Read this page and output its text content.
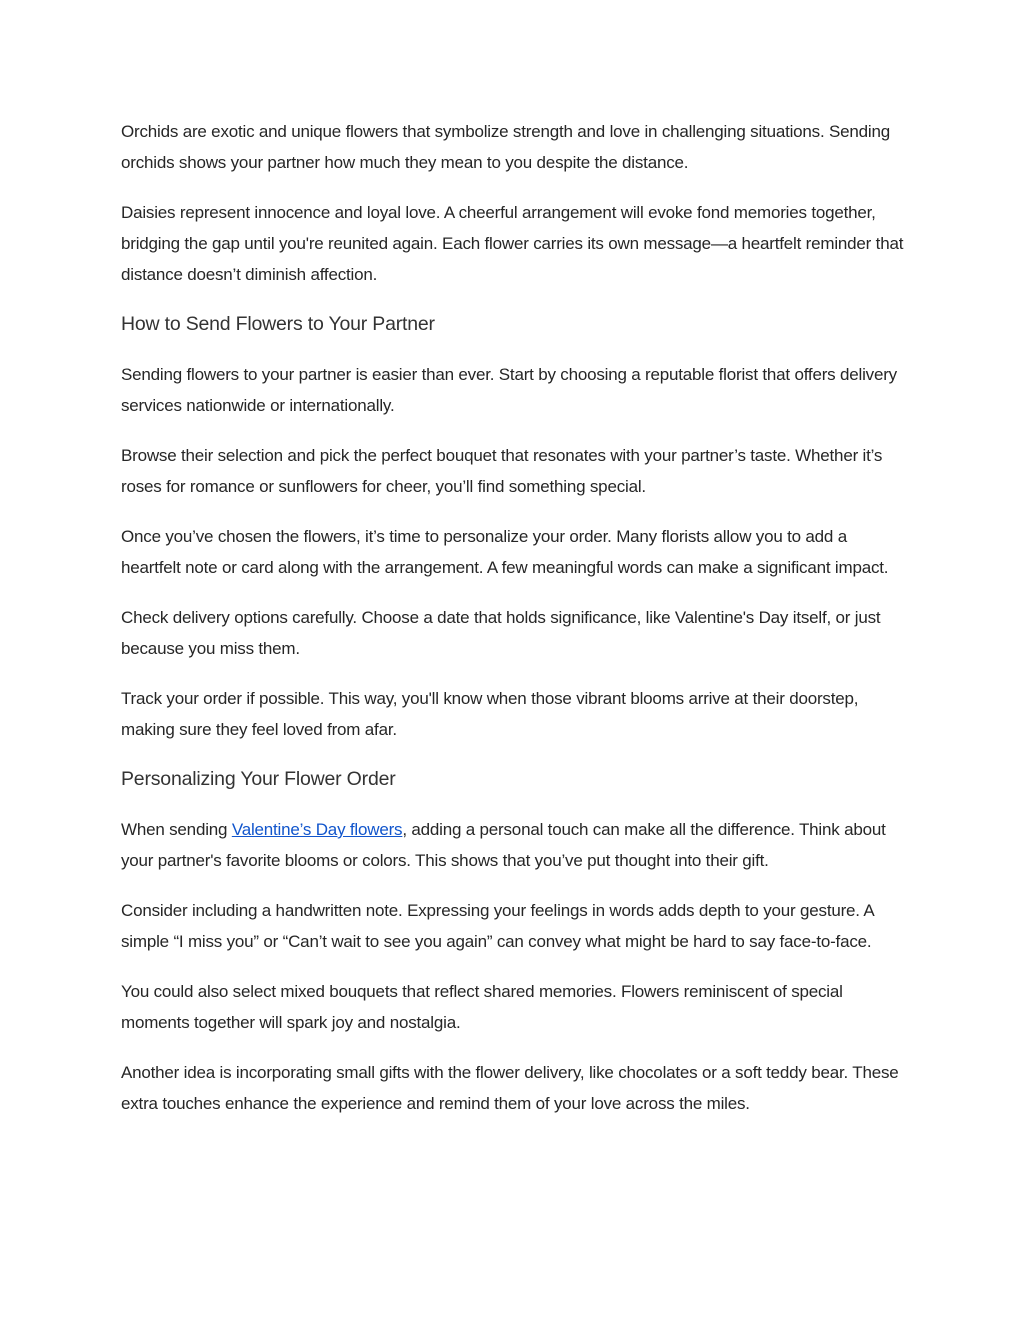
Orchids are exotic and unique flowers that symbolize strength and love in challenging situations. Sending orchids shows your partner how much they mean to you despite the distance.

Daisies represent innocence and loyal love. A cheerful arrangement will evoke fond memories together, bridging the gap until you're reunited again. Each flower carries its own message—a heartfelt reminder that distance doesn’t diminish affection.

How to Send Flowers to Your Partner

Sending flowers to your partner is easier than ever. Start by choosing a reputable florist that offers delivery services nationwide or internationally.

Browse their selection and pick the perfect bouquet that resonates with your partner’s taste. Whether it’s roses for romance or sunflowers for cheer, you’ll find something special.

Once you’ve chosen the flowers, it’s time to personalize your order. Many florists allow you to add a heartfelt note or card along with the arrangement. A few meaningful words can make a significant impact.

Check delivery options carefully. Choose a date that holds significance, like Valentine's Day itself, or just because you miss them.

Track your order if possible. This way, you'll know when those vibrant blooms arrive at their doorstep, making sure they feel loved from afar.

Personalizing Your Flower Order

When sending Valentine’s Day flowers, adding a personal touch can make all the difference. Think about your partner's favorite blooms or colors. This shows that you’ve put thought into their gift.

Consider including a handwritten note. Expressing your feelings in words adds depth to your gesture. A simple “I miss you” or “Can’t wait to see you again” can convey what might be hard to say face-to-face.

You could also select mixed bouquets that reflect shared memories. Flowers reminiscent of special moments together will spark joy and nostalgia.

Another idea is incorporating small gifts with the flower delivery, like chocolates or a soft teddy bear. These extra touches enhance the experience and remind them of your love across the miles.
